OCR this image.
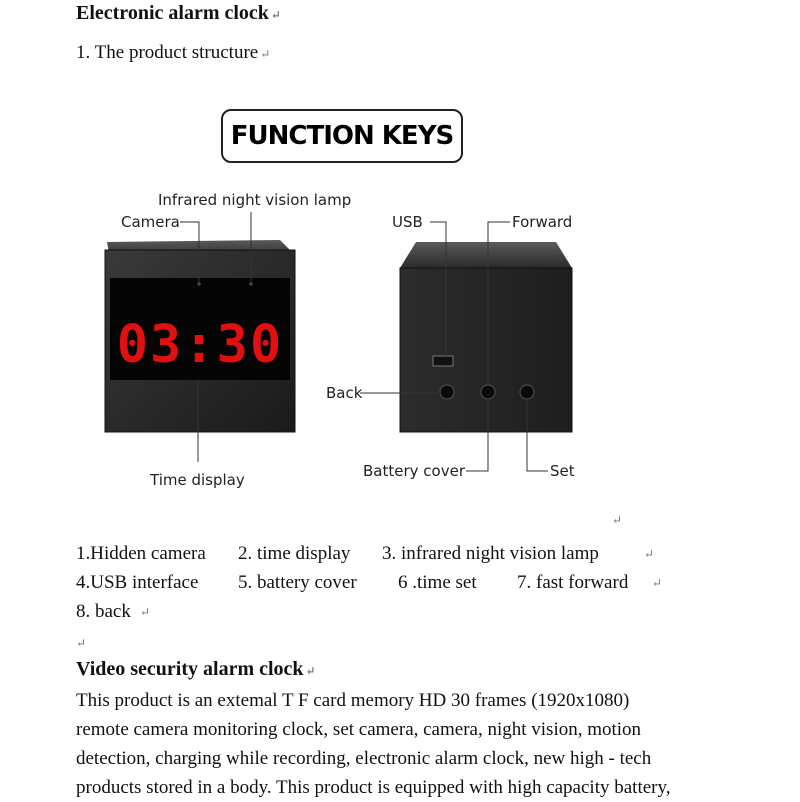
Electronic alarm clock ↵
1. The product structure ↵
FUNCTION KEYS
03:30
Camera
Infrared night vision lamp
Time display
USB	Forward
Back
Battery cover	Set
↵
1.Hidden camera 2. time display 3. infrared night vision lamp	↵
4.USB interface 5. battery cover 6 .time set 7. fast forward ↵
8. back ↵
↵
Video security alarm clock ↵
This product is an extemal T F card memory HD 30 frames (1920x1080)
remote camera monitoring clock, set camera, camera, night vision, motion
detection, charging while recording, electronic alarm clock, new high - tech
products stored in a body. This product is equipped with high capacity battery,
